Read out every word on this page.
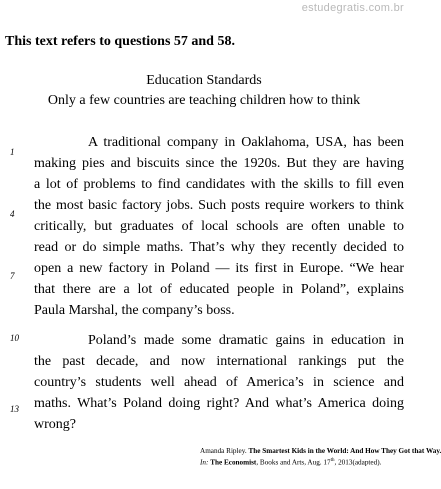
estudegratis.com.br
This text refers to questions 57 and 58.
Education Standards
Only a few countries are teaching children how to think
1
4
7
10
13
A traditional company in Oaklahoma, USA, has been
making pies and biscuits since the 1920s. But they are having
a lot of problems to find candidates with the skills to fill even
the most basic factory jobs. Such posts require workers to think
critically, but graduates of local schools are often unable to
read or do simple maths. That’s why they recently decided to
open a new factory in Poland — its first in Europe. “We hear
that there are a lot of educated people in Poland”, explains
Paula Marshal, the company’s boss.
Poland’s made some dramatic gains in education in
the past decade, and now international rankings put the
country’s students well ahead of America’s in science and
maths. What’s Poland doing right? And what’s America doing
wrong?
Amanda Ripley. The Smartest Kids in the World: And How They Got that Way.
In: The Economist, Books and Arts, Aug. 17th, 2013(adapted).
